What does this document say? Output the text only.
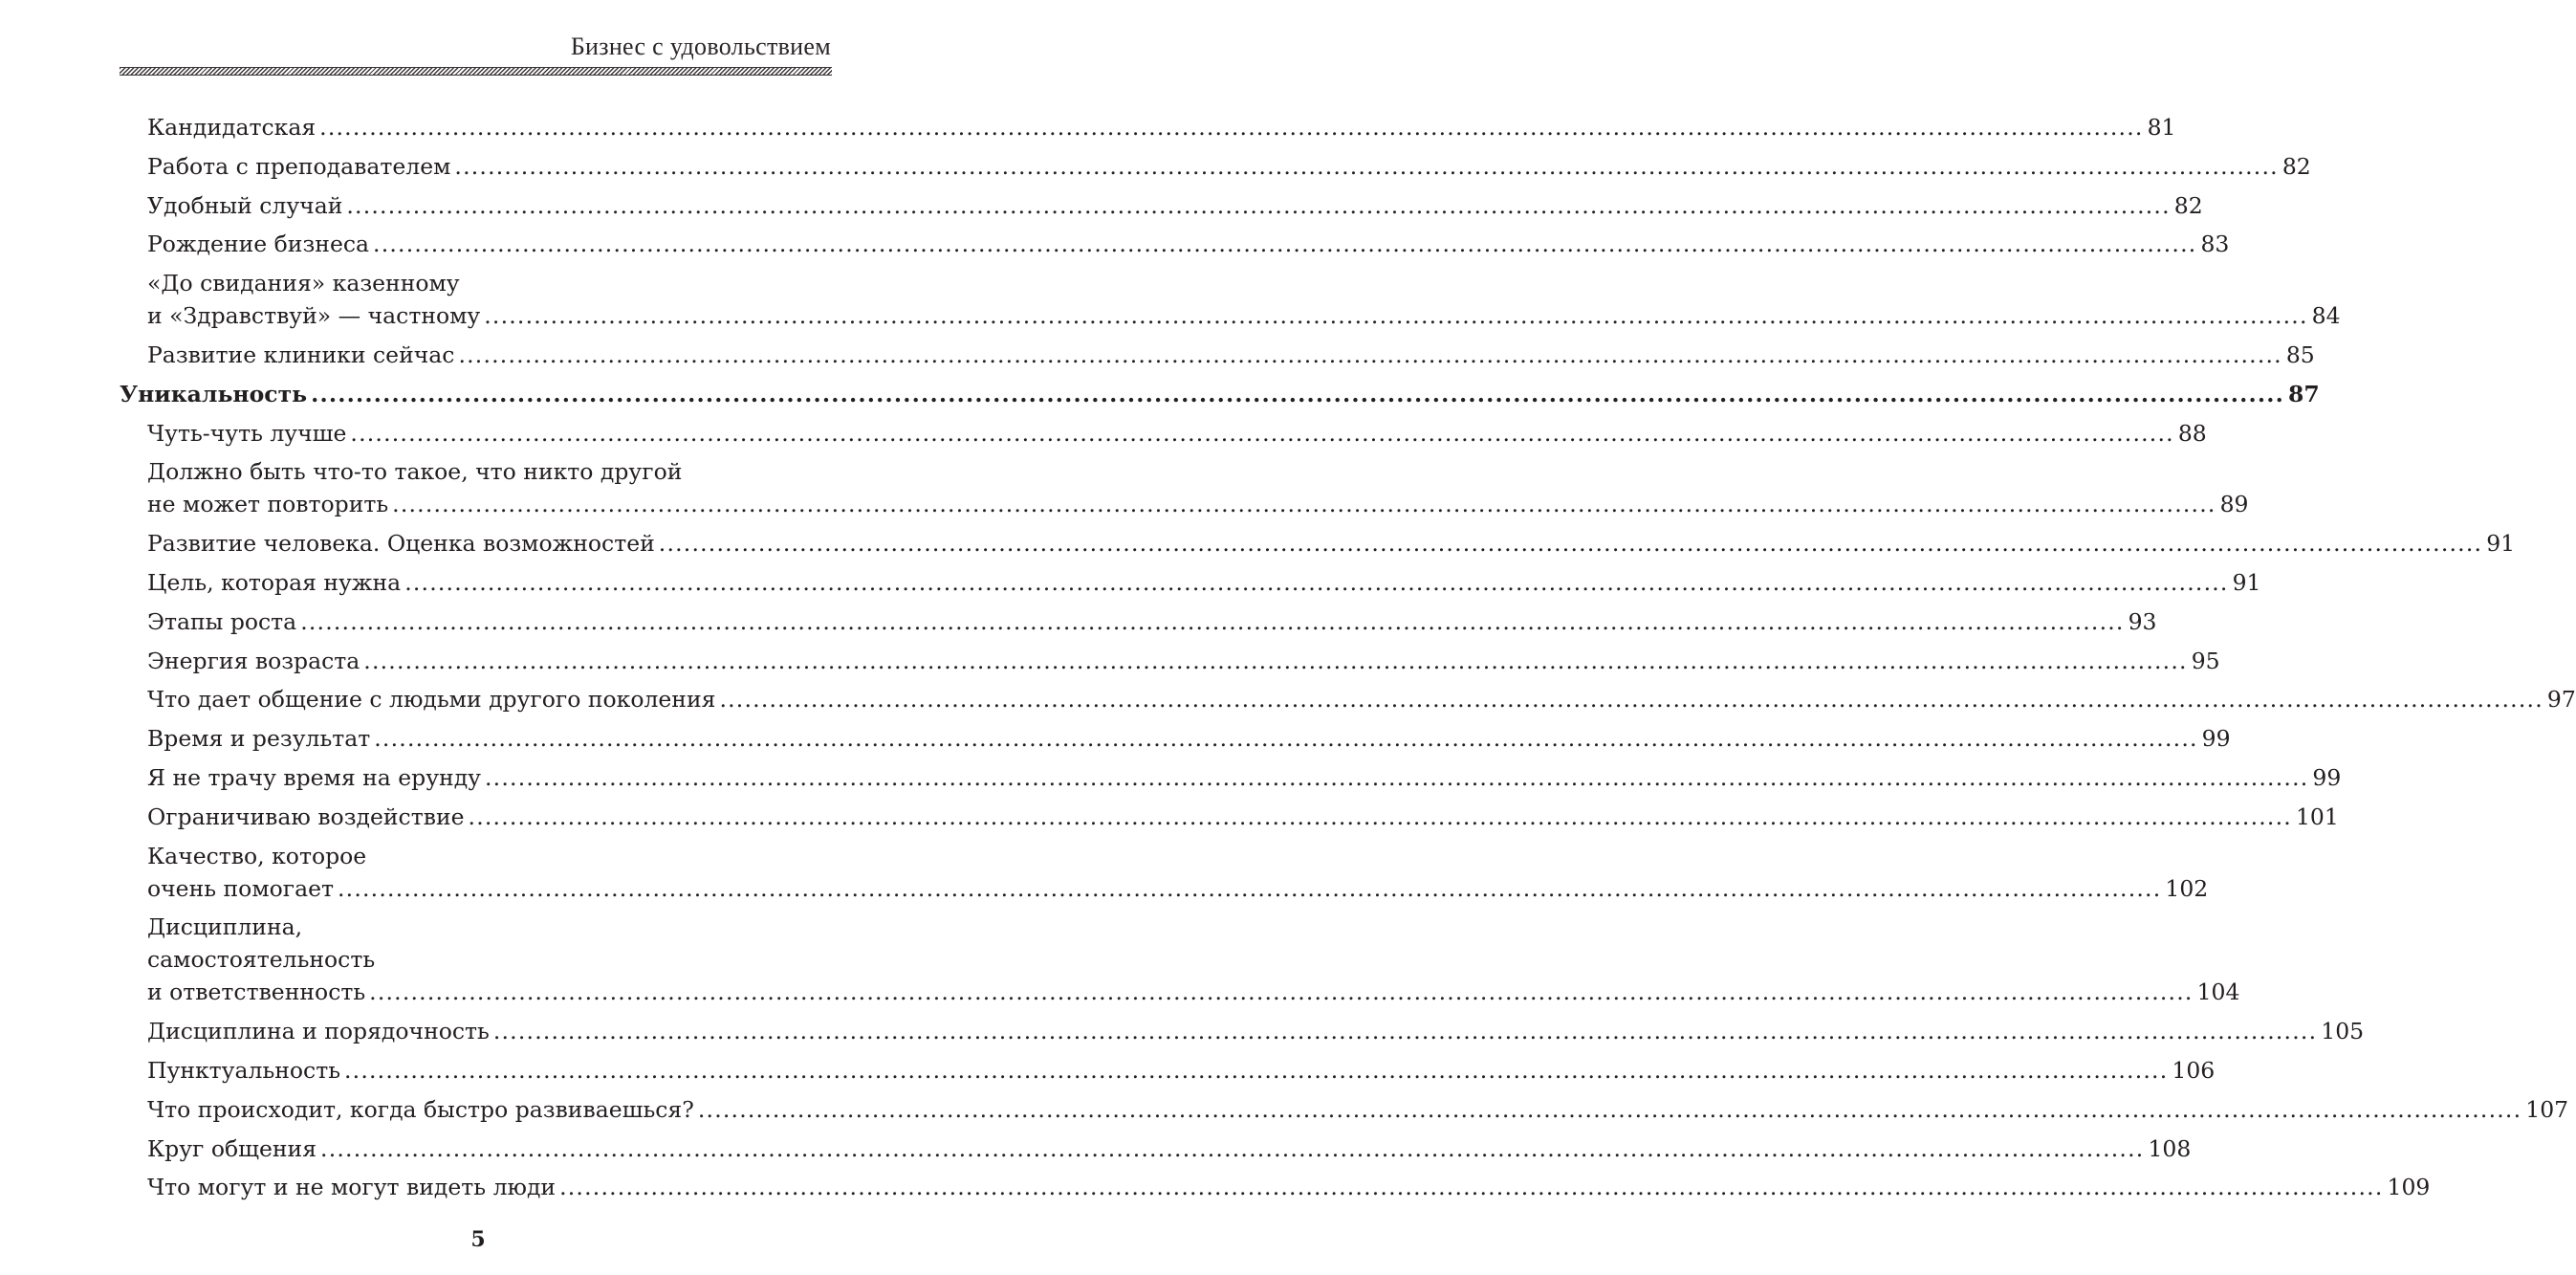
Бизнес с удовольствием
Кандидатская ............................................................................................................................................................................................................................ 81
Работа с преподавателем ............................................................................................................................................................................................................................ 82
Удобный случай ............................................................................................................................................................................................................................ 82
Рождение бизнеса ............................................................................................................................................................................................................................ 83
«До свидания» казенному
и «Здравствуй» — частному ............................................................................................................................................................................................................................ 84
Развитие клиники сейчас ............................................................................................................................................................................................................................ 85
Уникальность ............................................................................................................................................................................................................................ 87
Чуть-чуть лучше ............................................................................................................................................................................................................................ 88
Должно быть что-то такое, что никто другой
не может повторить ............................................................................................................................................................................................................................ 89
Развитие человека. Оценка возможностей ............................................................................................................................................................................................................................ 91
Цель, которая нужна ............................................................................................................................................................................................................................ 91
Этапы роста ............................................................................................................................................................................................................................ 93
Энергия возраста ............................................................................................................................................................................................................................ 95
Что дает общение с людьми другого поколения ............................................................................................................................................................................................................................ 97
Время и результат ............................................................................................................................................................................................................................ 99
Я не трачу время на ерунду ............................................................................................................................................................................................................................ 99
Ограничиваю воздействие ............................................................................................................................................................................................................................ 101
Качество, которое
очень помогает ............................................................................................................................................................................................................................ 102
Дисциплина,
самостоятельность
и ответственность ............................................................................................................................................................................................................................ 104
Дисциплина и порядочность ............................................................................................................................................................................................................................ 105
Пунктуальность ............................................................................................................................................................................................................................ 106
Что происходит, когда быстро развиваешься? ............................................................................................................................................................................................................................ 107
Круг общения ............................................................................................................................................................................................................................ 108
Что могут и не могут видеть люди ............................................................................................................................................................................................................................ 109
5
